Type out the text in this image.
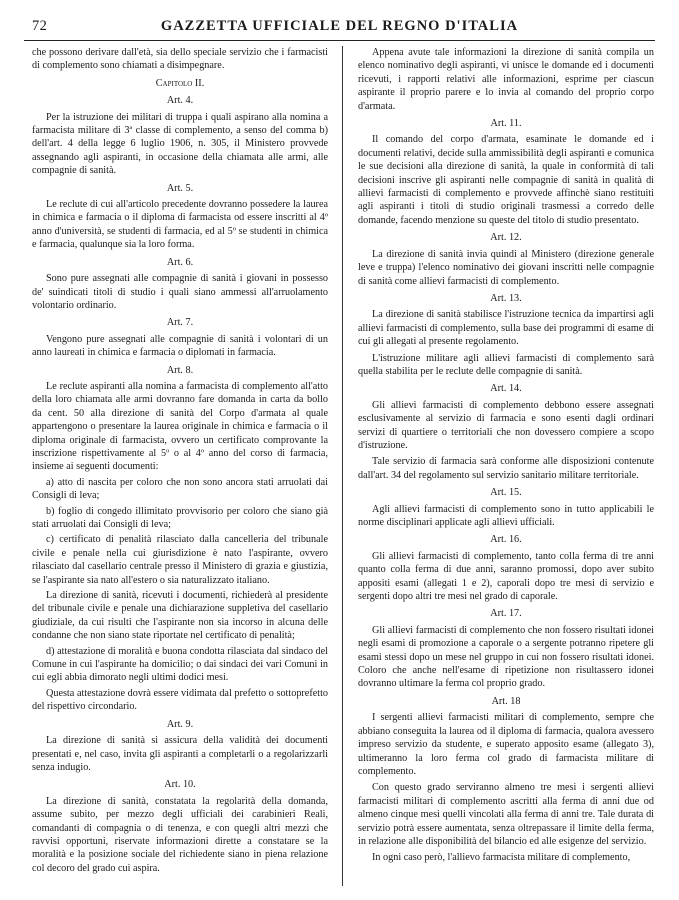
72	GAZZETTA UFFICIALE DEL REGNO D'ITALIA

che possono derivare dall'età, sia dello speciale servizio che i farmacisti di complemento sono chiamati a disimpegnare.

Capitolo II.
Art. 4.

Per la istruzione dei militari di truppa i quali aspirano alla nomina a farmacista militare di 3ª classe di complemento, a senso del comma b) dell'art. 4 della legge 6 luglio 1906, n. 305, il Ministero provvede assegnando agli aspiranti, in occasione della chiamata alle armi, alle compagnie di sanità.

Art. 5.

Le reclute di cui all'articolo precedente dovranno possedere la laurea in chimica e farmacia o il diploma di farmacista od essere inscritti al 4º anno d'università, se studenti di farmacia, ed al 5º se studenti in chimica e farmacia, qualunque sia la loro forma.

Art. 6.

Sono pure assegnati alle compagnie di sanità i giovani in possesso de' suindicati titoli di studio i quali siano ammessi all'arruolamento volontario ordinario.

Art. 7.

Vengono pure assegnati alle compagnie di sanità i volontari di un anno laureati in chimica e farmacia o diplomati in farmacia.

Art. 8.

Le reclute aspiranti alla nomina a farmacista di complemento all'atto della loro chiamata alle armi dovranno fare domanda in carta da bollo da cent. 50 alla direzione di sanità del Corpo d'armata al quale appartengono o presentare la laurea originale in chimica e farmacia o il diploma originale di farmacista, ovvero un certificato comprovante la inscrizione rispettivamente al 5º o al 4º anno del corso di farmacia, insieme ai seguenti documenti:

a) atto di nascita per coloro che non sono ancora stati arruolati dai Consigli di leva;

b) foglio di congedo illimitato provvisorio per coloro che siano già stati arruolati dai Consigli di leva;

c) certificato di penalità rilasciato dalla cancelleria del tribunale civile e penale nella cui giurisdizione è nato l'aspirante, ovvero rilasciato dal casellario centrale presso il Ministero di grazia e giustizia, se l'aspirante sia nato all'estero o sia naturalizzato italiano.

La direzione di sanità, ricevuti i documenti, richiederà al presidente del tribunale civile e penale una dichiarazione suppletiva del casellario giudiziale, da cui risulti che l'aspirante non sia incorso in alcuna delle condanne che non siano state riportate nel certificato di penalità;

d) attestazione di moralità e buona condotta rilasciata dal sindaco del Comune in cui l'aspirante ha domicilio; o dai sindaci dei vari Comuni in cui egli abbia dimorato negli ultimi dodici mesi.

Questa attestazione dovrà essere vidimata dal prefetto o sottoprefetto del rispettivo circondario.

Art. 9.

La direzione di sanità si assicura della validità dei documenti presentati e, nel caso, invita gli aspiranti a completarli o a regolarizzarli senza indugio.

Art. 10.

La direzione di sanità, constatata la regolarità della domanda, assume subito, per mezzo degli ufficiali dei carabinieri Reali, comandanti di compagnia o di tenenza, e con quegli altri mezzi che ravvisi opportuni, riservate informazioni dirette a constatare se la moralità e la posizione sociale del richiedente siano in piena relazione col decoro del grado cui aspira.

Appena avute tale informazioni la direzione di sanità compila un elenco nominativo degli aspiranti, vi unisce le domande ed i documenti ricevuti, i rapporti relativi alle informazioni, esprime per ciascun aspirante il proprio parere e lo invia al comando del proprio corpo d'armata.

Art. 11.

Il comando del corpo d'armata, esaminate le domande ed i documenti relativi, decide sulla ammissibilità degli aspiranti e comunica le sue decisioni alla direzione di sanità, la quale in conformità di tali decisioni inscrive gli aspiranti nelle compagnie di sanità in qualità di allievi farmacisti di complemento e provvede affinchè siano restituiti agli aspiranti i titoli di studio originali trasmessi a corredo delle domande, facendo menzione su queste del titolo di studio presentato.

Art. 12.

La direzione di sanità invia quindi al Ministero (direzione generale leve e truppa) l'elenco nominativo dei giovani inscritti nelle compagnie di sanità come allievi farmacisti di complemento.

Art. 13.

La direzione di sanità stabilisce l'istruzione tecnica da impartirsi agli allievi farmacisti di complemento, sulla base dei programmi di esame di cui gli allegati al presente regolamento.

L'istruzione militare agli allievi farmacisti di complemento sarà quella stabilita per le reclute delle compagnie di sanità.

Art. 14.

Gli allievi farmacisti di complemento debbono essere assegnati esclusivamente al servizio di farmacia e sono esenti dagli ordinari servizi di quartiere o territoriali che non dovessero compiere a scopo d'istruzione.

Tale servizio di farmacia sarà conforme alle disposizioni contenute dall'art. 34 del regolamento sul servizio sanitario militare territoriale.

Art. 15.

Agli allievi farmacisti di complemento sono in tutto applicabili le norme disciplinari applicate agli allievi ufficiali.

Art. 16.

Gli allievi farmacisti di complemento, tanto colla ferma di tre anni quanto colla ferma di due anni, saranno promossi, dopo aver subito appositi esami (allegati 1 e 2), caporali dopo tre mesi di servizio e sergenti dopo altri tre mesi nel grado di caporale.

Art. 17.

Gli allievi farmacisti di complemento che non fossero risultati idonei negli esami di promozione a caporale o a sergente potranno ripetere gli esami stessi dopo un mese nel gruppo in cui non fossero risultati idonei. Coloro che anche nell'esame di ripetizione non risultassero idonei dovranno ultimare la ferma col proprio grado.

Art. 18

I sergenti allievi farmacisti militari di complemento, sempre che abbiano conseguita la laurea od il diploma di farmacia, qualora avessero impreso servizio da studente, e superato apposito esame (allegato 3), ultimeranno la loro ferma col grado di farmacista militare di complemento.

Con questo grado serviranno almeno tre mesi i sergenti allievi farmacisti militari di complemento ascritti alla ferma di anni due od almeno cinque mesi quelli vincolati alla ferma di anni tre. Tale durata di servizio potrà essere aumentata, senza oltrepassare il limite della ferma, in relazione alle disponibilità del bilancio ed alle esigenze del servizio.

In ogni caso però, l'allievo farmacista militare di complemento,
